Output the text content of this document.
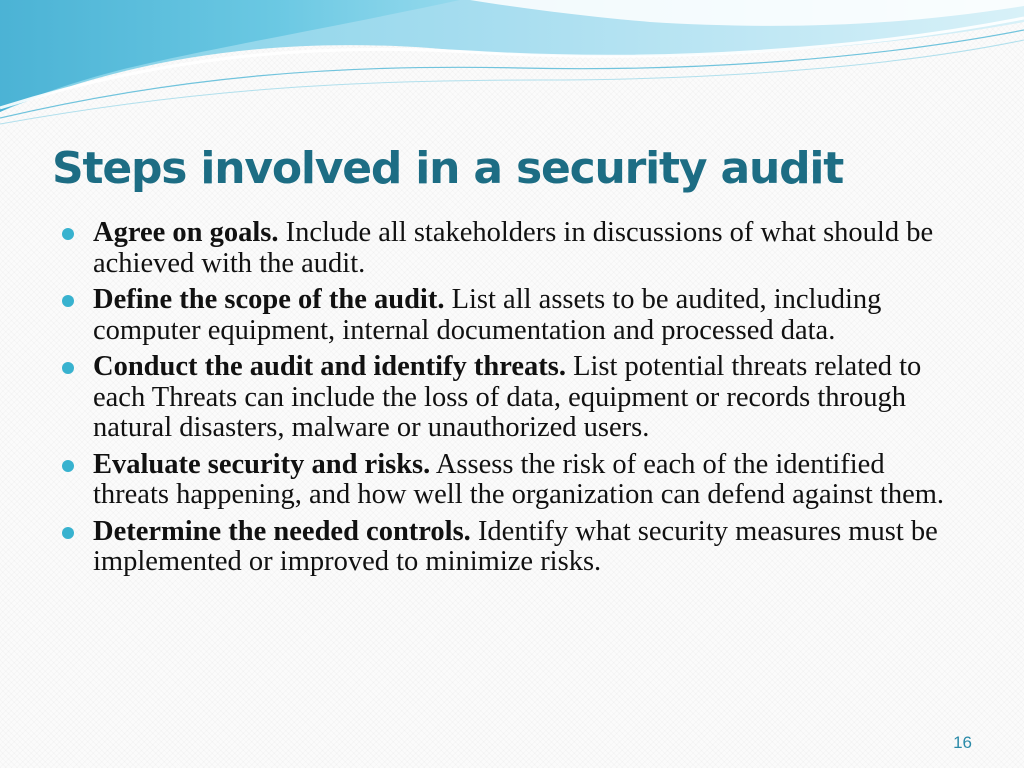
Steps involved in a security audit
Agree on goals. Include all stakeholders in discussions of what should be achieved with the audit.
Define the scope of the audit. List all assets to be audited, including computer equipment, internal documentation and processed data.
Conduct the audit and identify threats. List potential threats related to each Threats can include the loss of data, equipment or records through natural disasters, malware or unauthorized users.
Evaluate security and risks. Assess the risk of each of the identified threats happening, and how well the organization can defend against them.
Determine the needed controls. Identify what security measures must be implemented or improved to minimize risks.
16
